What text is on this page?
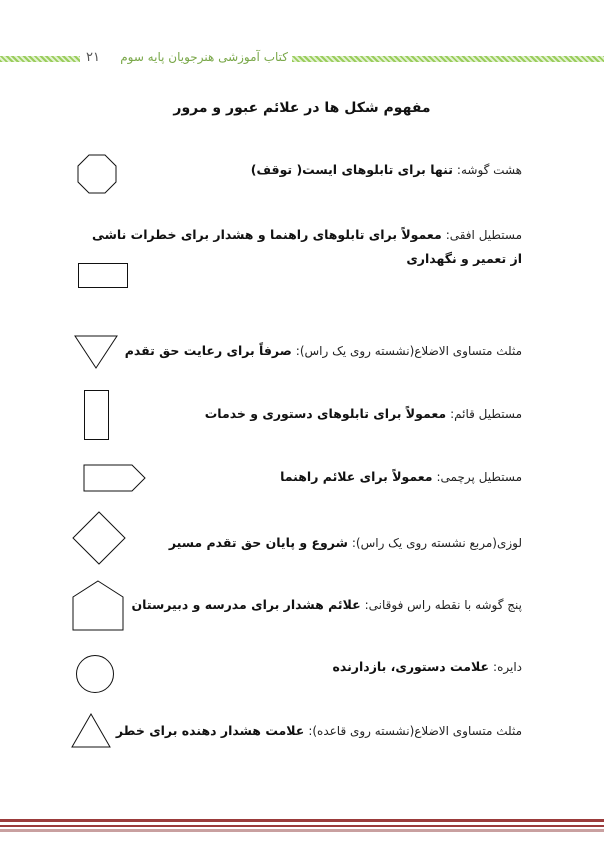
۲۱ کتاب آموزشی هنرجویان پایه سوم
مفهوم شکل ها در علائم عبور و مرور
هشت گوشه: تنها برای تابلوهای ایست( توقف)
مستطیل افقی: معمولاً برای تابلوهای راهنما و هشدار برای خطرات ناشی از تعمیر و نگهداری
مثلث متساوی الاضلاع(نشسته روی یک راس): صرفاً برای رعایت حق تقدم
مستطیل قائم: معمولاً برای تابلوهای دستوری و خدمات
مستطیل پرچمی: معمولاً برای علائم راهنما
لوزی(مربع نشسته روی یک راس): شروع و پایان حق تقدم مسیر
پنج گوشه با نقطه راس فوقانی: علائم هشدار برای مدرسه و دبیرستان
دایره: علامت دستوری، بازدارنده
مثلث متساوی الاضلاع(نشسته روی قاعده): علامت هشدار دهنده برای خطر
